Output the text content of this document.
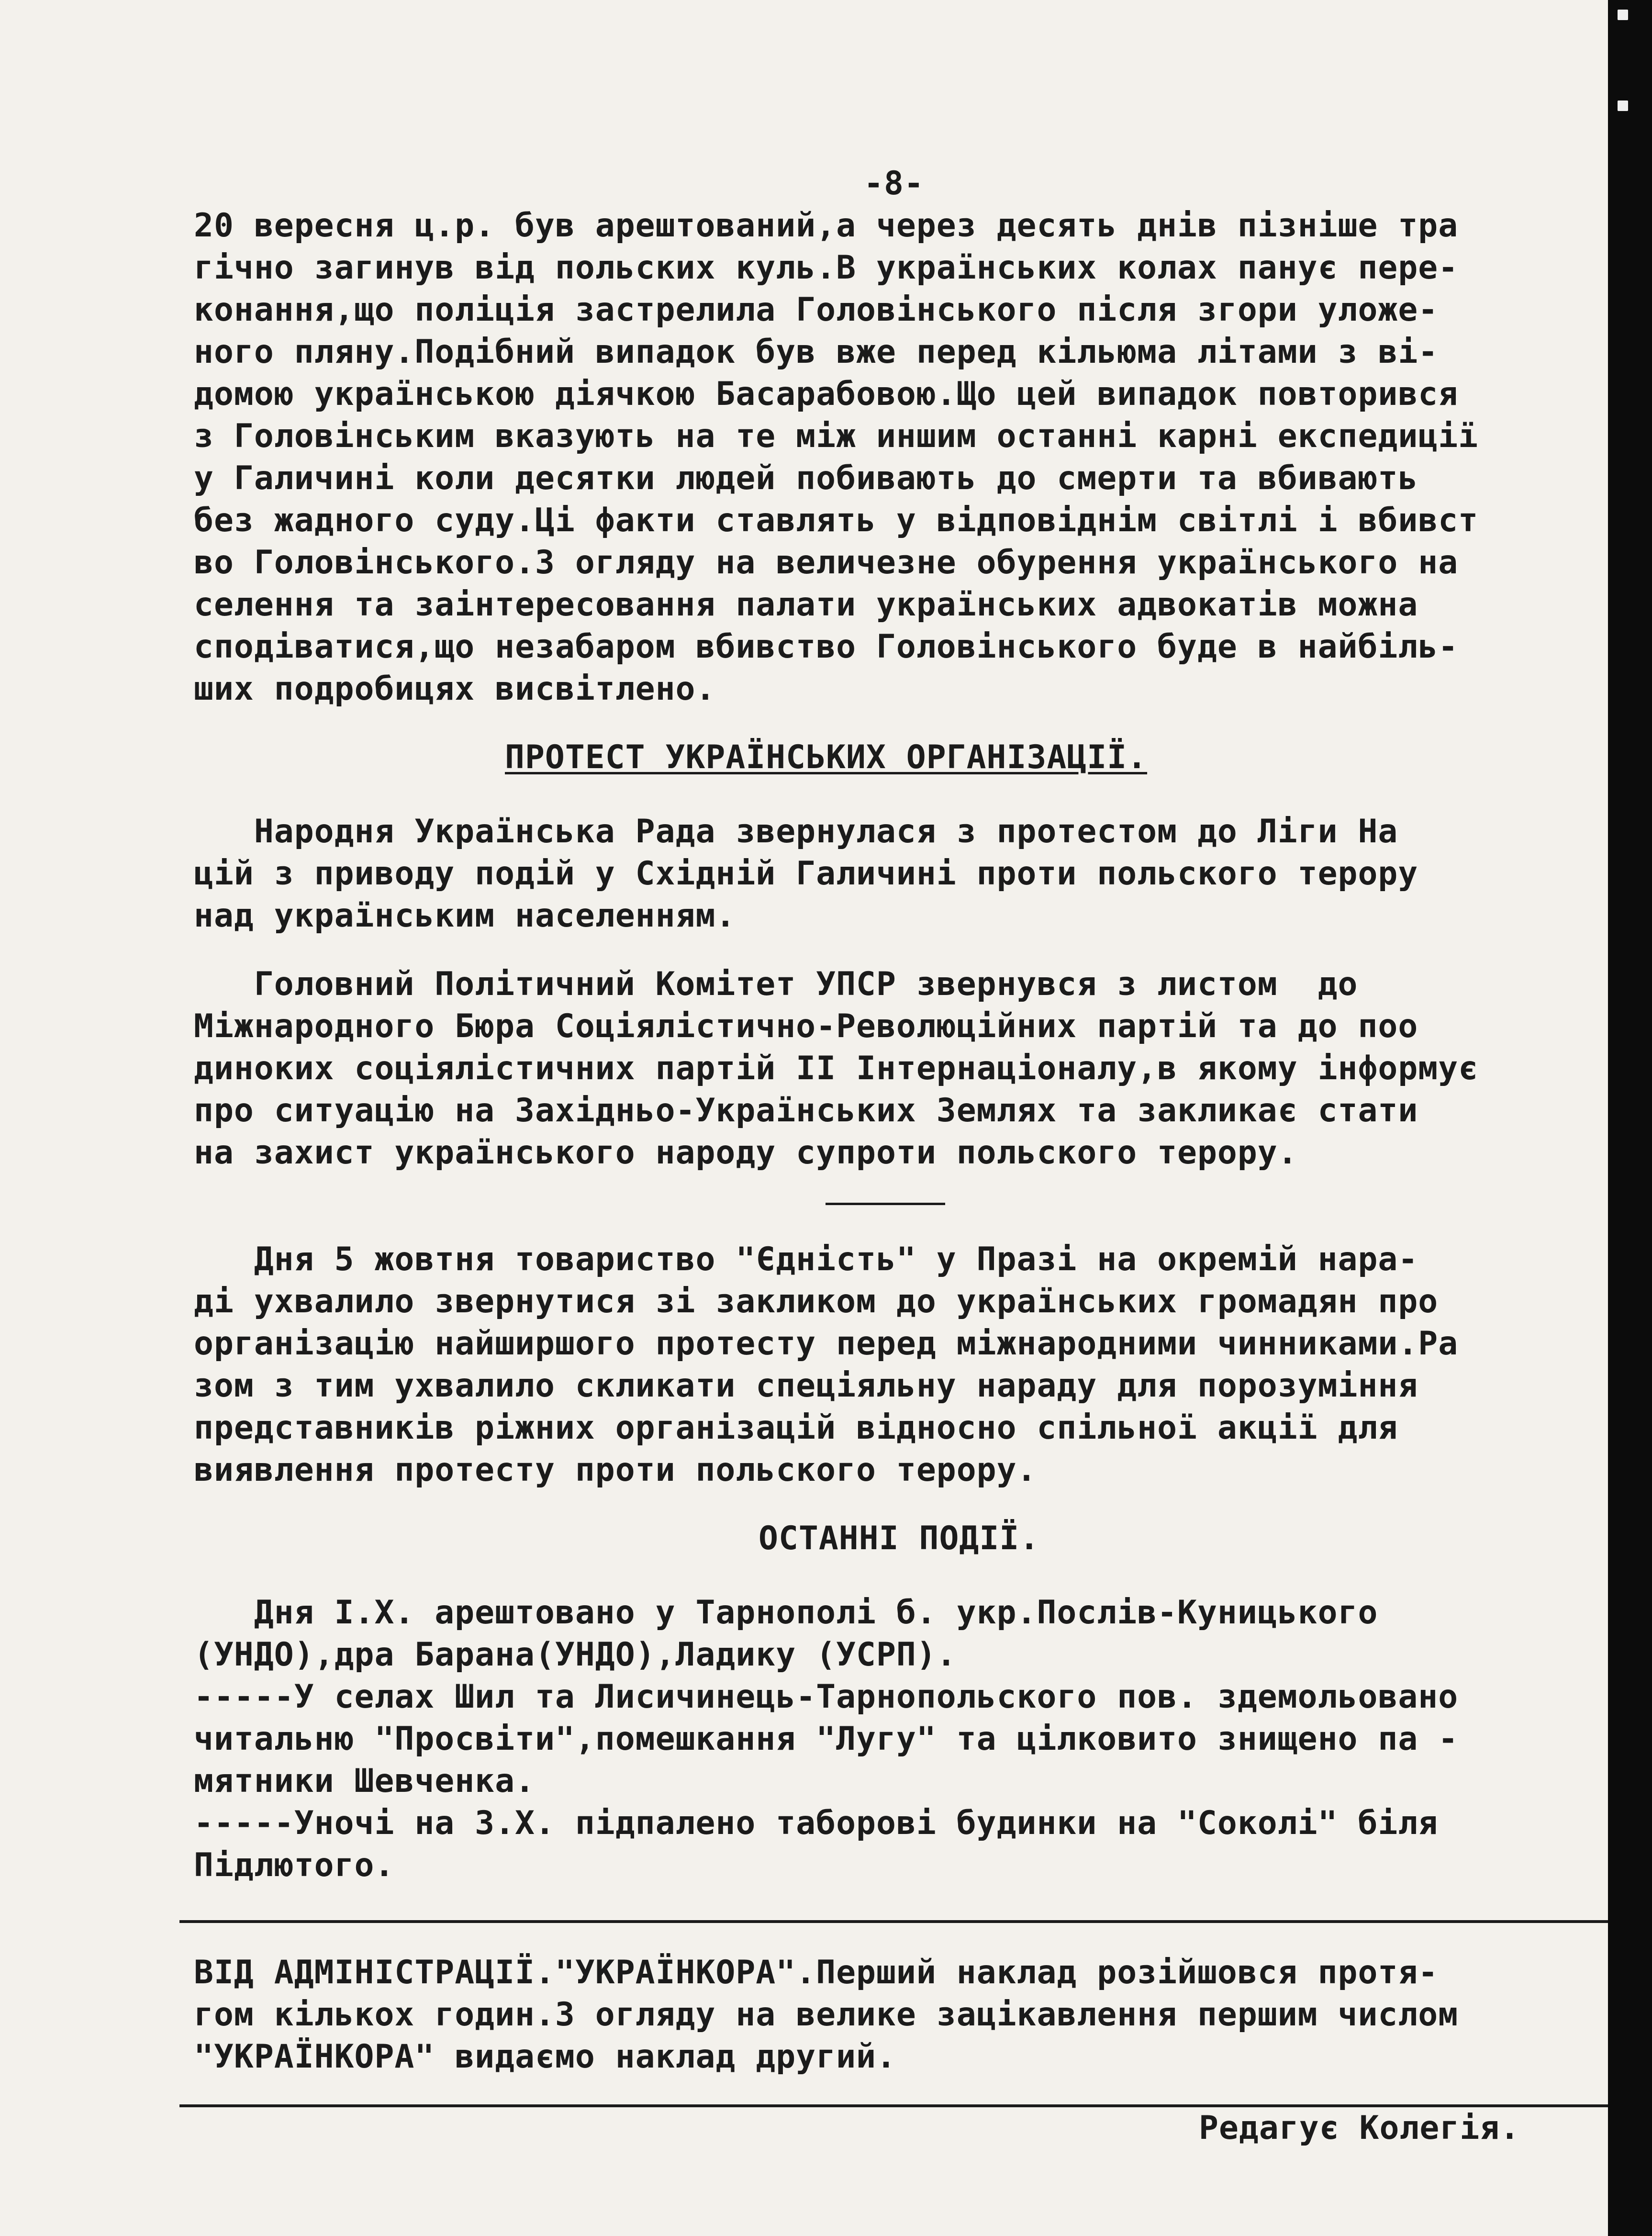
-8-
20 вересня ц.р. був арештований,а через десять днів пізніше тра
гічно загинув від польских куль.В українських колах панує пере-
конання,що поліція застрелила Головінського після згори уложе-
ного пляну.Подібний випадок був вже перед кільюма літами з ві-
домою українською діячкою Басарабовою.Що цей випадок повторився
з Головінським вказують на те між иншим останні карні експедиції
у Галичині коли десятки людей побивають до смерти та вбивають
без жадного суду.Ці факти ставлять у відповіднім світлі і вбивст
во Головінського.З огляду на величезне обурення українського на
селення та заінтересовання палати українських адвокатів можна
сподіватися,що незабаром вбивство Головінського буде в найбіль-
ших подробицях висвітлено.
ПРОТЕСТ УКРАЇНСЬКИХ ОРГАНІЗАЦІЇ.
Народня Українська Рада звернулася з протестом до Ліги На
цій з приводу подій у Східній Галичині проти польского терору
над українським населенням.
Головний Політичний Комітет УПСР звернувся з листом  до
Міжнародного Бюра Соціялістично-Революційних партій та до поо
диноких соціялістичних партій II Інтернаціоналу,в якому інформує
про ситуацію на Західньо-Українських Землях та закликає стати
на захист українського народу супроти польского терору.
Дня 5 жовтня товариство "Єдність" у Празі на окремій нара-
ді ухвалило звернутися зі закликом до українських громадян про
організацію найширшого протесту перед міжнародними чинниками.Ра
зом з тим ухвалило скликати спеціяльну нараду для порозуміння
представників ріжних організацій відносно спільної акції для
виявлення протесту проти польского терору.
ОСТАННІ ПОДІЇ.
Дня І.Х. арештовано у Тарнополі б. укр.Послів-Куницького
(УНДО),дра Барана(УНДО),Ладику (УСРП).
-----У селах Шил та Лисичинець-Тарнопольского пов. здемольовано
читальню "Просвіти",помешкання "Лугу" та цілковито знищено па -
мятники Шевченка.
-----Уночі на 3.Х. підпалено таборові будинки на "Соколі" біля
Підлютого.
ВІД АДМІНІСТРАЦІЇ."УКРАЇНКОРА".Перший наклад розійшовся протя-
гом кількох годин.З огляду на велике зацікавлення першим числом
"УКРАЇНКОРА" видаємо наклад другий.
Редагує Колегія.
